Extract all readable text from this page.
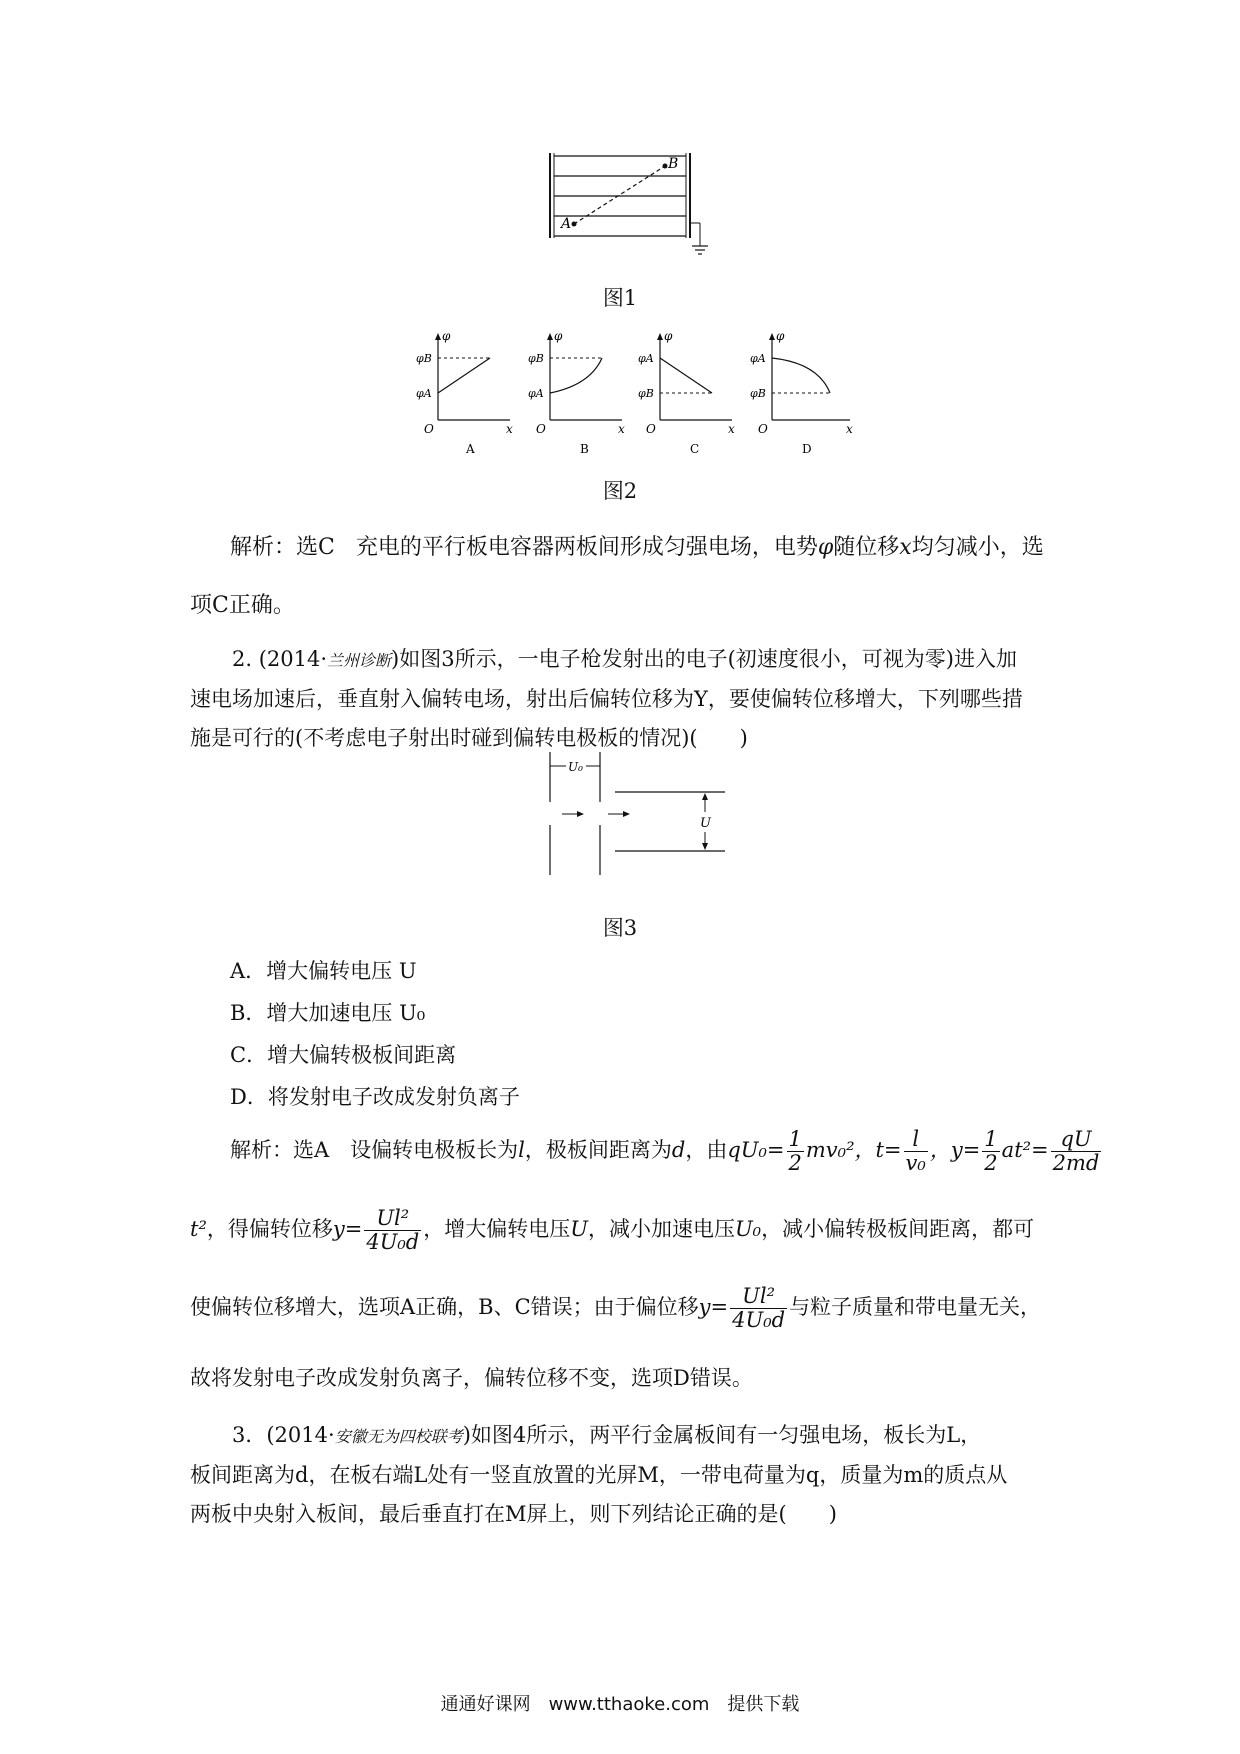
A
B
图1
φ
φB
φA
O	x
A
φ
φB
φA
O	x
B
φ
φA
φB
O	x
C
φ
φA
φB
O	x
D
图2
解析：选C 充电的平行板电容器两板间形成匀强电场，电势φ随位移x均匀减小，选
项C正确。
2. (2014·兰州诊断)如图3所示，一电子枪发射出的电子(初速度很小，可视为零)进入加
速电场加速后，垂直射入偏转电场，射出后偏转位移为Y，要使偏转位移增大，下列哪些措
施是可行的(不考虑电子射出时碰到偏转电极板的情况)(　　)
U₀
U
图3
A．增大偏转电压 U
B．增大加速电压 U₀
C．增大偏转极板间距离
D．将发射电子改成发射负离子
解析：选A　设偏转电极板长为l，极板间距离为d，由$qU_0= \frac{1}{2} mv_0^2$，$t= \frac{l}{\text{v₀}}$ ，$y= \frac{1}{2} at^2= \frac{qU}{2md}$
t²，得偏转位移$y= \frac{\text{Ul²}}{\text{4U₀d}}$ ，增大偏转电压U，减小加速电压U₀，减小偏转极板间距离，都可
使偏转位移增大，选项A正确，B、C错误；由于偏位移$y= \frac{\text{Ul²}}{\text{4U₀d}}$ 与粒子质量和带电量无关，
故将发射电子改成发射负离子，偏转位移不变，选项D错误。
3．(2014·安徽无为四校联考)如图4所示，两平行金属板间有一匀强电场，板长为L，
板间距离为d，在板右端L处有一竖直放置的光屏M，一带电荷量为q，质量为m的质点从
两板中央射入板间，最后垂直打在M屏上，则下列结论正确的是(　　)
通通好课网　www.tthaoke.com　提供下载
